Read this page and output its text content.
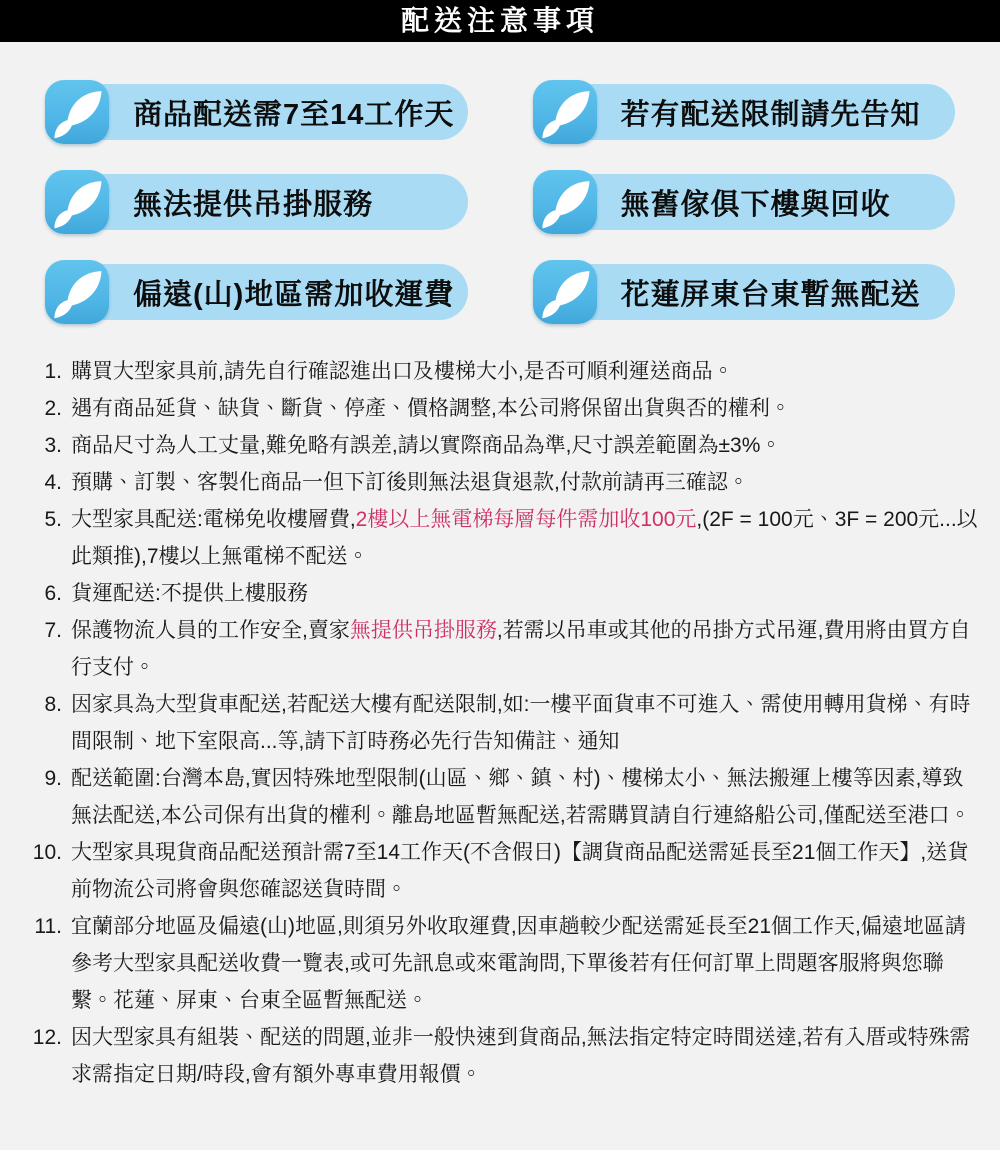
配送注意事項
商品配送需7至14工作天	若有配送限制請先告知
無法提供吊掛服務	無舊傢俱下樓與回收
偏遠(山)地區需加收運費	花蓮屏東台東暫無配送
1. 購買大型家具前,請先自行確認進出口及樓梯大小,是否可順利運送商品。
2. 遇有商品延貨、缺貨、斷貨、停產、價格調整,本公司將保留出貨與否的權利。
3. 商品尺寸為人工丈量,難免略有誤差,請以實際商品為準,尺寸誤差範圍為±3%。
4. 預購、訂製、客製化商品一但下訂後則無法退貨退款,付款前請再三確認。
5. 大型家具配送:電梯免收樓層費,2樓以上無電梯每層每件需加收100元,(2F = 100元、3F = 200元...以此類推),7樓以上無電梯不配送。
6. 貨運配送:不提供上樓服務
7. 保護物流人員的工作安全,賣家無提供吊掛服務,若需以吊車或其他的吊掛方式吊運,費用將由買方自行支付。
8. 因家具為大型貨車配送,若配送大樓有配送限制,如:一樓平面貨車不可進入、需使用轉用貨梯、有時間限制、地下室限高...等,請下訂時務必先行告知備註、通知
9. 配送範圍:台灣本島,實因特殊地型限制(山區、鄉、鎮、村)、樓梯太小、無法搬運上樓等因素,導致無法配送,本公司保有出貨的權利。離島地區暫無配送,若需購買請自行連絡船公司,僅配送至港口。
10. 大型家具現貨商品配送預計需7至14工作天(不含假日)【調貨商品配送需延長至21個工作天】,送貨前物流公司將會與您確認送貨時間。
11. 宜蘭部分地區及偏遠(山)地區,則須另外收取運費,因車趟較少配送需延長至21個工作天,偏遠地區請參考大型家具配送收費一覽表,或可先訊息或來電詢問,下單後若有任何訂單上問題客服將與您聯繫。花蓮、屏東、台東全區暫無配送。
12. 因大型家具有組裝、配送的問題,並非一般快速到貨商品,無法指定特定時間送達,若有入厝或特殊需求需指定日期/時段,會有額外專車費用報價。
